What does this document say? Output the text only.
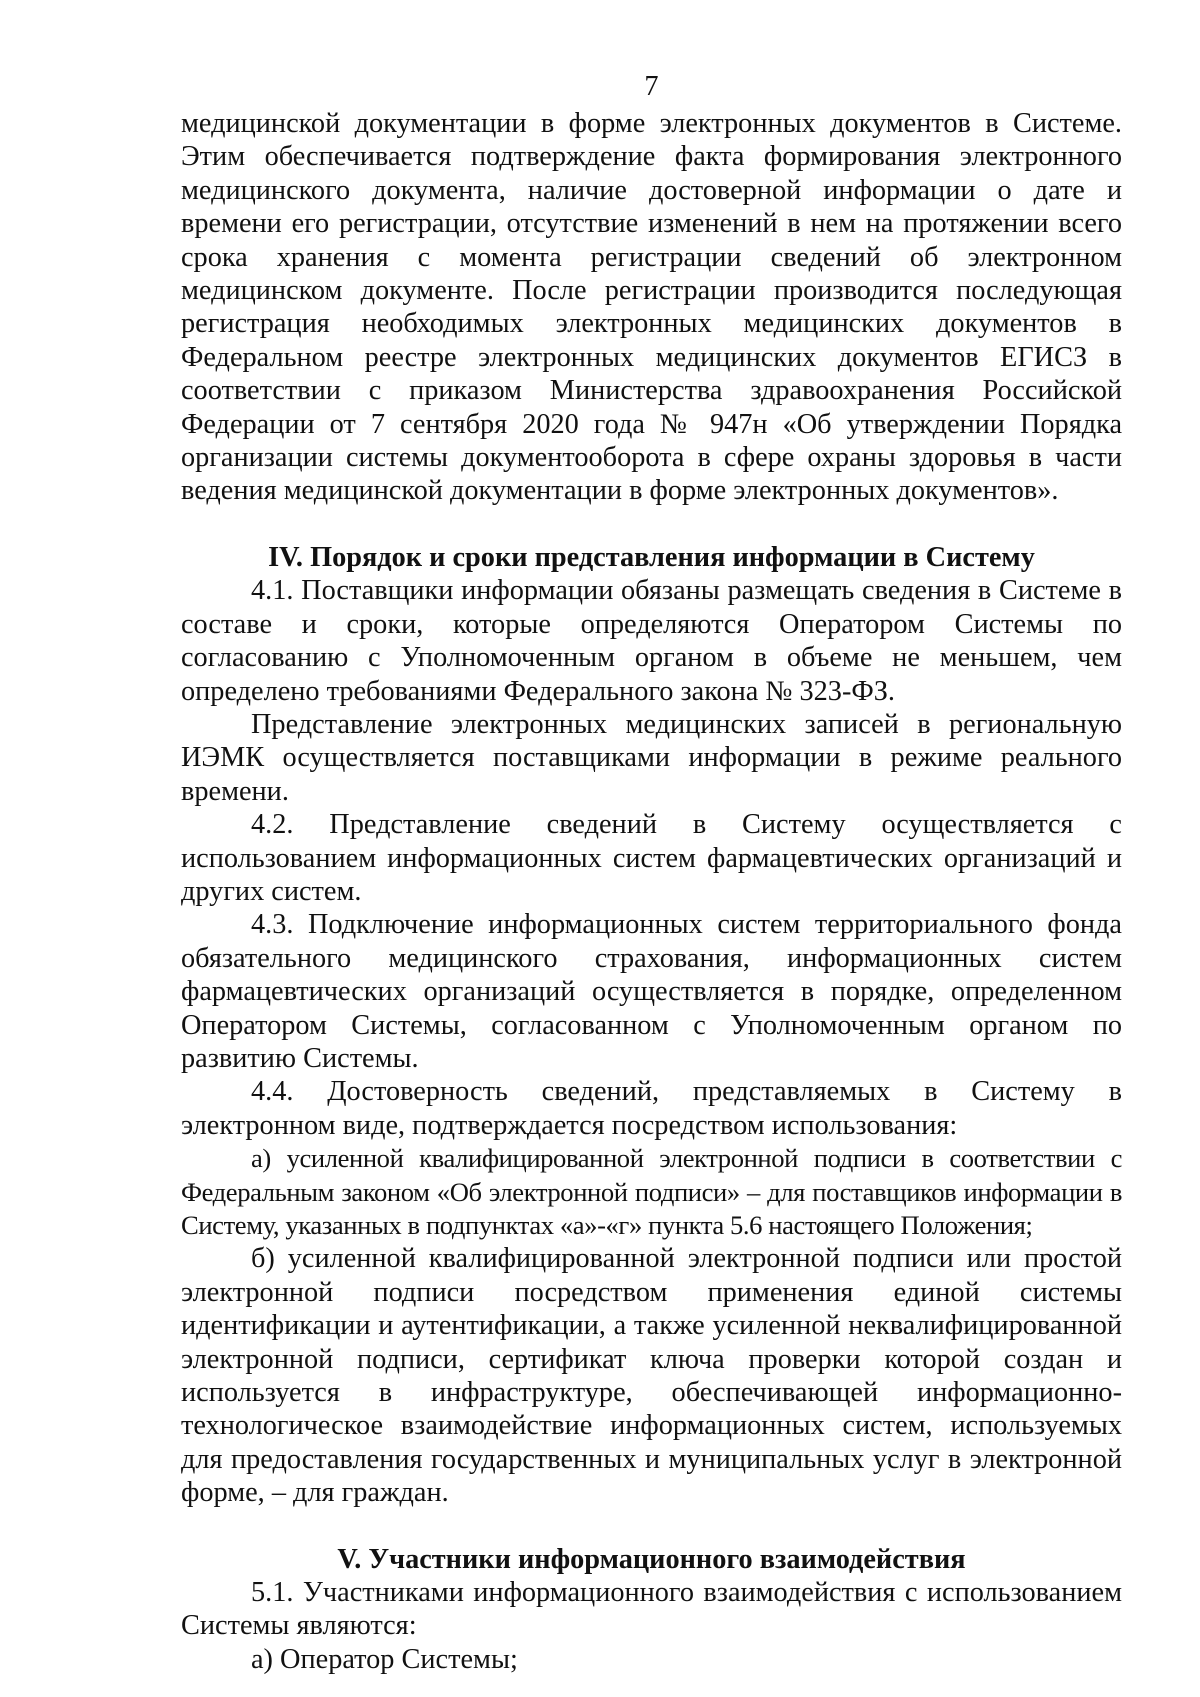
7

медицинской документации в форме электронных документов в Системе. Этим обеспечивается подтверждение факта формирования электронного медицинского документа, наличие достоверной информации о дате и времени его регистрации, отсутствие изменений в нем на протяжении всего срока хранения с момента регистрации сведений об электронном медицинском документе. После регистрации производится последующая регистрация необходимых электронных медицинских документов в Федеральном реестре электронных медицинских документов ЕГИСЗ в соответствии с приказом Министерства здравоохранения Российской Федерации от 7 сентября 2020 года № 947н «Об утверждении Порядка организации системы документооборота в сфере охраны здоровья в части ведения медицинской документации в форме электронных документов».

IV. Порядок и сроки представления информации в Систему

4.1. Поставщики информации обязаны размещать сведения в Системе в составе и сроки, которые определяются Оператором Системы по согласованию с Уполномоченным органом в объеме не меньшем, чем определено требованиями Федерального закона № 323-ФЗ.

Представление электронных медицинских записей в региональную ИЭМК осуществляется поставщиками информации в режиме реального времени.

4.2. Представление сведений в Систему осуществляется с использованием информационных систем фармацевтических организаций и других систем.

4.3. Подключение информационных систем территориального фонда обязательного медицинского страхования, информационных систем фармацевтических организаций осуществляется в порядке, определенном Оператором Системы, согласованном с Уполномоченным органом по развитию Системы.

4.4. Достоверность сведений, представляемых в Систему в электронном виде, подтверждается посредством использования:

а) усиленной квалифицированной электронной подписи в соответствии с Федеральным законом «Об электронной подписи» – для поставщиков информации в Систему, указанных в подпунктах «а»-«г» пункта 5.6 настоящего Положения;

б) усиленной квалифицированной электронной подписи или простой электронной подписи посредством применения единой системы идентификации и аутентификации, а также усиленной неквалифицированной электронной подписи, сертификат ключа проверки которой создан и используется в инфраструктуре, обеспечивающей информационно-технологическое взаимодействие информационных систем, используемых для предоставления государственных и муниципальных услуг в электронной форме, – для граждан.

V. Участники информационного взаимодействия

5.1. Участниками информационного взаимодействия с использованием Системы являются:

а) Оператор Системы;
